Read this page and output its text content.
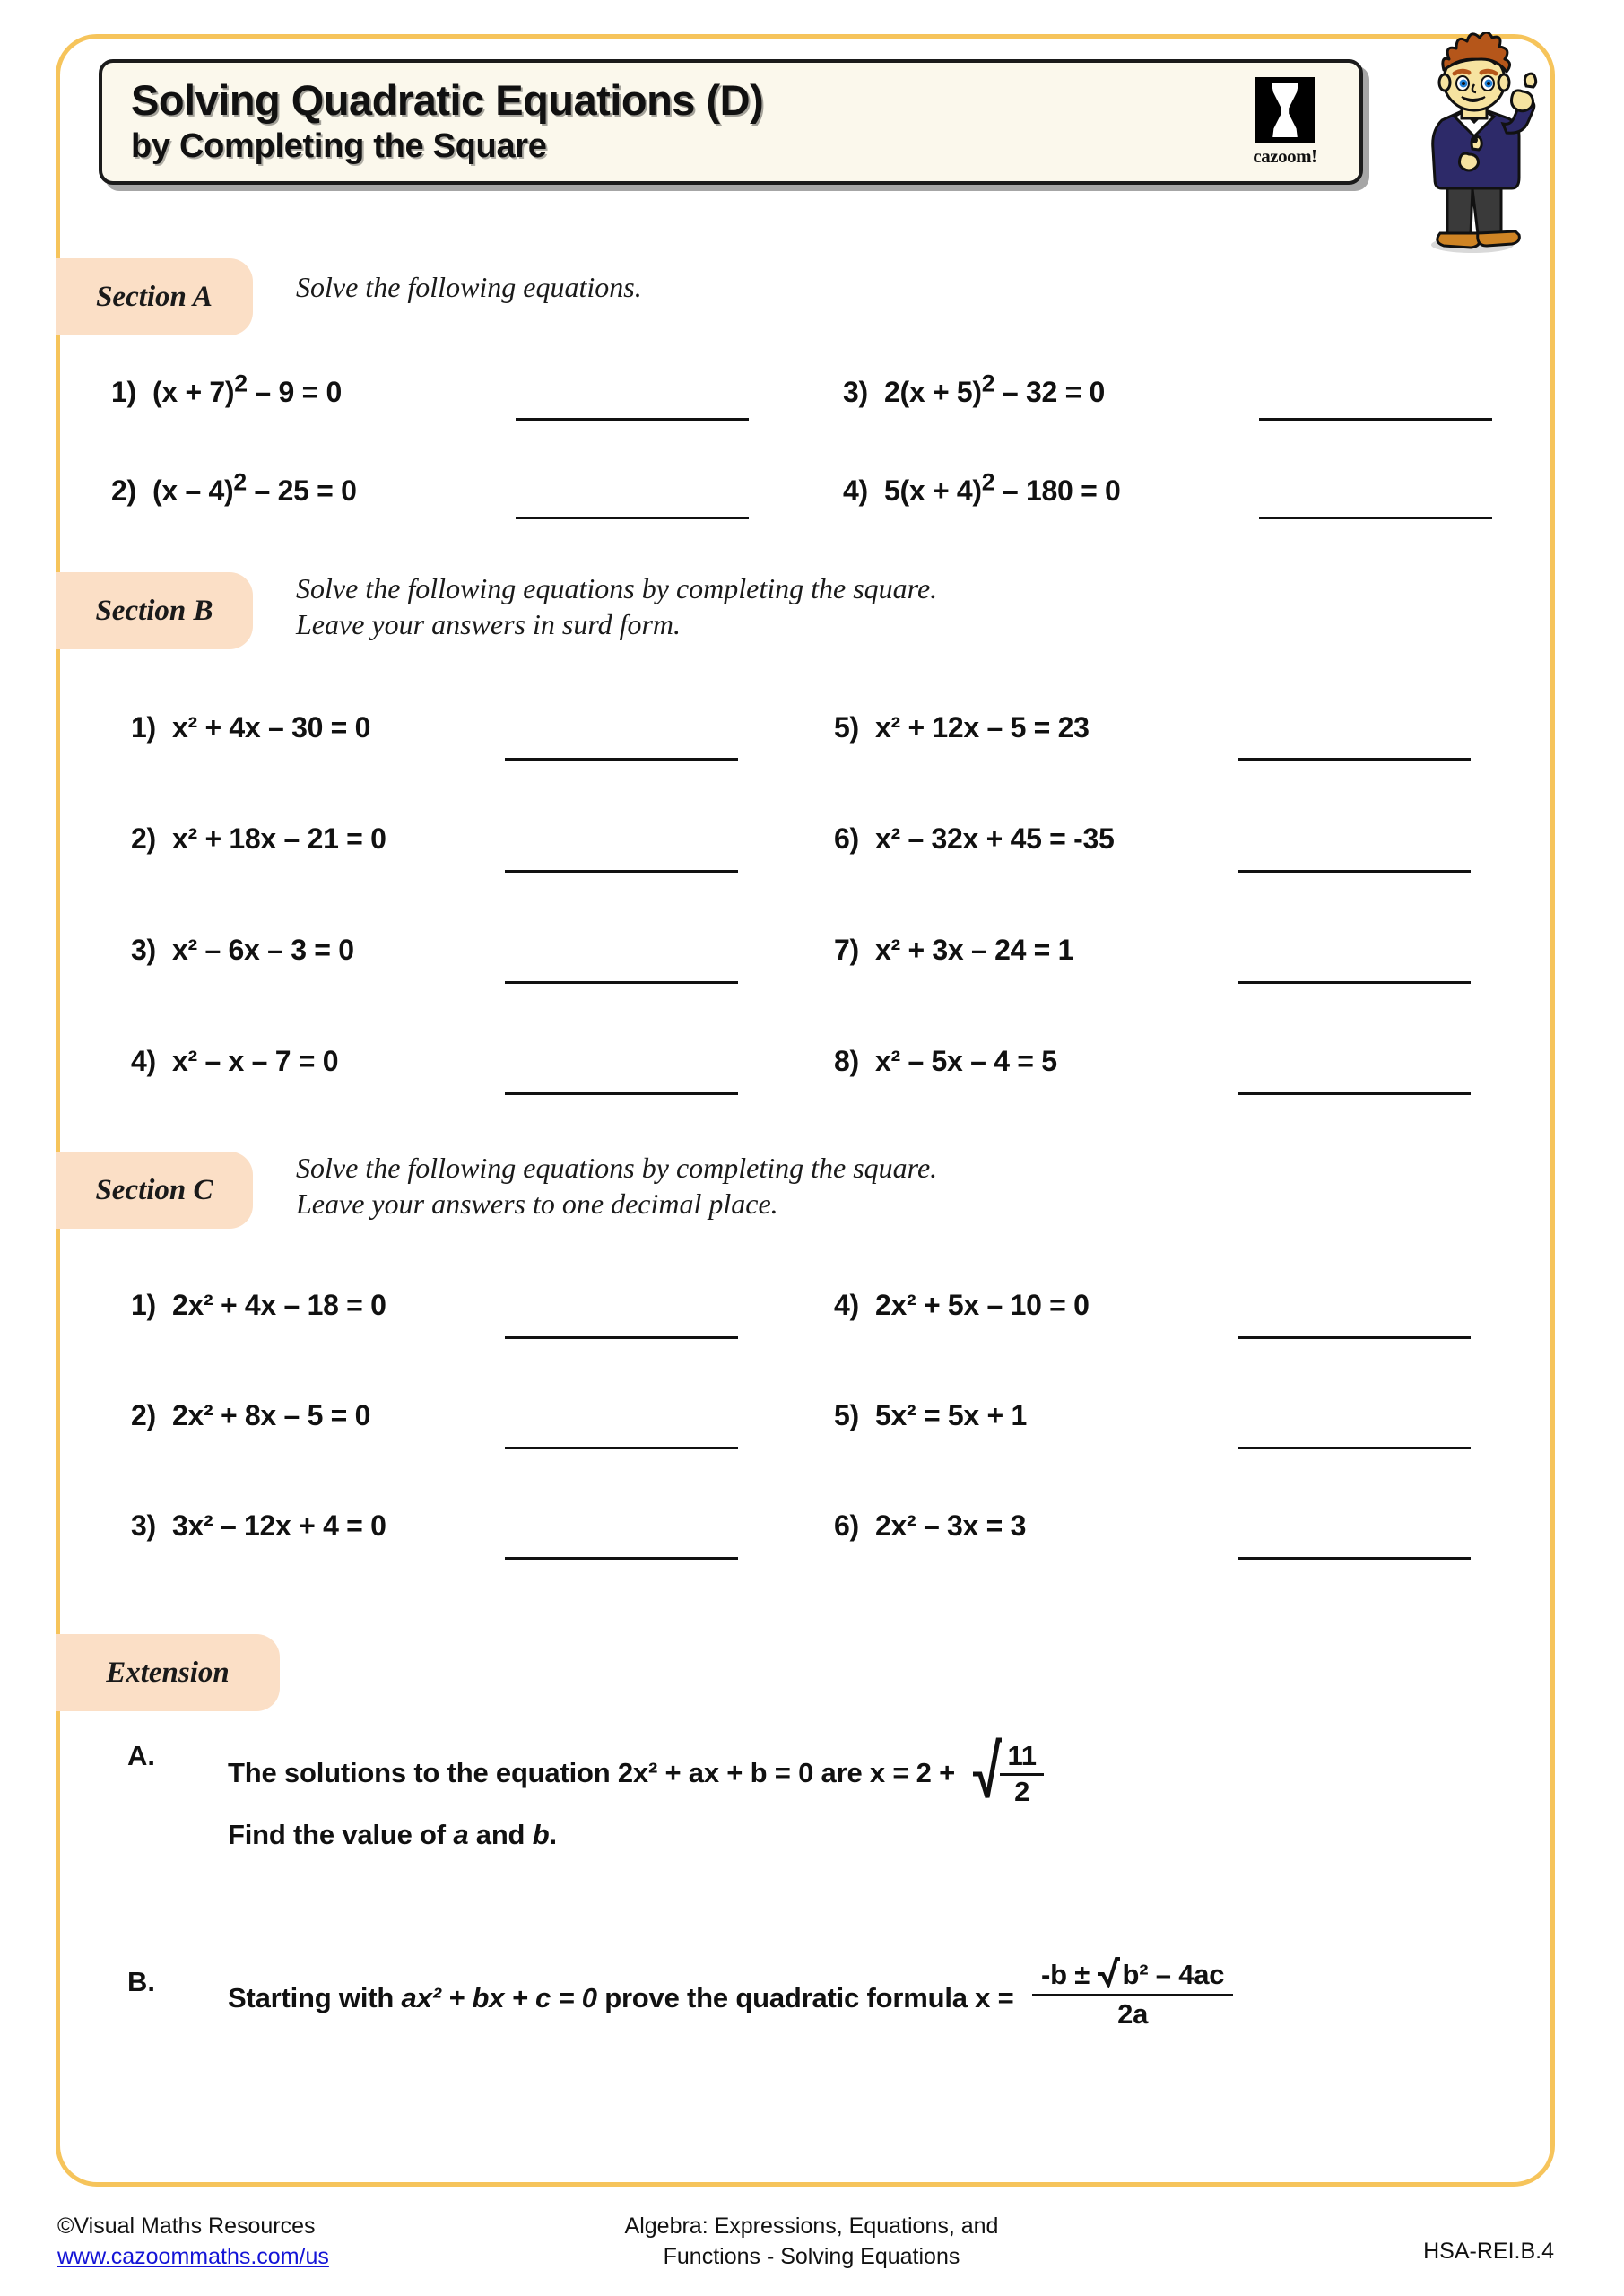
Solving Quadratic Equations (D)
by Completing the Square	cazoom!
Section A	Solve the following equations.
1) $(x + 7)^2 - 9 = 0$
2) (x – 4)$^2$ – 25 = 0
3) $2(x + 5)^2 - 32 = 0$
4) $5(x + 4)^2 - 180 = 0$
Section B
Solve the following equations by completing the square.
Leave your answers in surd form.
1) x² + 4x – 30 = 0
2) x² + 18x – 21 = 0
3) x² – 6x – 3 = 0
4) x² – x – 7 = 0
5) x² + 12x – 5 = 23
6) x² – 32x + 45 = -35
7) x² + 3x – 24 = 1
8) x² – 5x – 4 = 5
Section C
Solve the following equations by completing the square.
Leave your answers to one decimal place.
1) 2x² + 4x – 18 = 0
2) 2x² + 8x – 5 = 0
3) 3x² – 12x + 4 = 0
4) 2x² + 5x – 10 = 0
5) 5x² = 5x + 1
6) 2x² – 3x = 3
Extension
A.
The solutions to the equation 2x² + ax + b = 0 are $x = 2 + \frac{11}{2}$
Find the value of a and b.
B.
Starting with ax² + bx + c = 0 prove the quadratic formula x =
-b ±
b² – 4ac
2a
©Visual Maths Resources
www.cazoommaths.com/us
Algebra: Expressions, Equations, and
Functions - Solving Equations	HSA-REI.B.4
